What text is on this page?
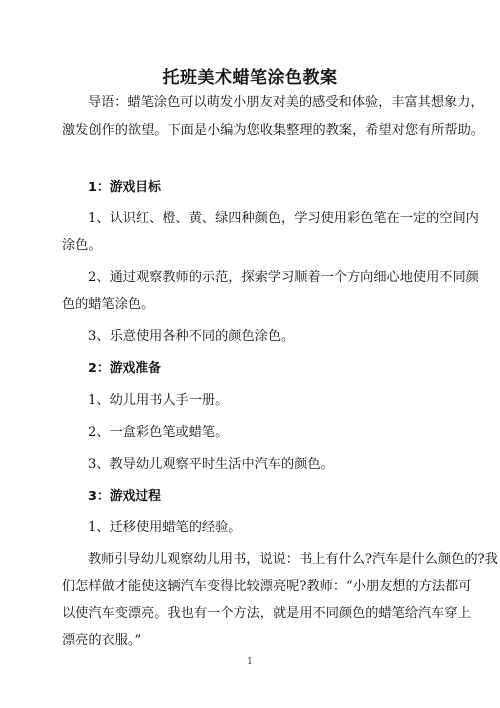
托班美术蜡笔涂色教案
导语：蜡笔涂色可以萌发小朋友对美的感受和体验，丰富其想象力，
激发创作的欲望。下面是小编为您收集整理的教案，希望对您有所帮助。
1：游戏目标
1、认识红、橙、黄、绿四种颜色，学习使用彩色笔在一定的空间内
涂色。
2、通过观察教师的示范，探索学习顺着一个方向细心地使用不同颜
色的蜡笔涂色。
3、乐意使用各种不同的颜色涂色。
2：游戏准备
1、幼儿用书人手一册。
2、一盒彩色笔或蜡笔。
3、教导幼儿观察平时生活中汽车的颜色。
3：游戏过程
1、迁移使用蜡笔的经验。
教师引导幼儿观察幼儿用书，说说：书上有什么?汽车是什么颜色的?我
们怎样做才能使这辆汽车变得比较漂亮呢?教师：“小朋友想的方法都可
以使汽车变漂亮。我也有一个方法，就是用不同颜色的蜡笔给汽车穿上
漂亮的衣服。”
1
